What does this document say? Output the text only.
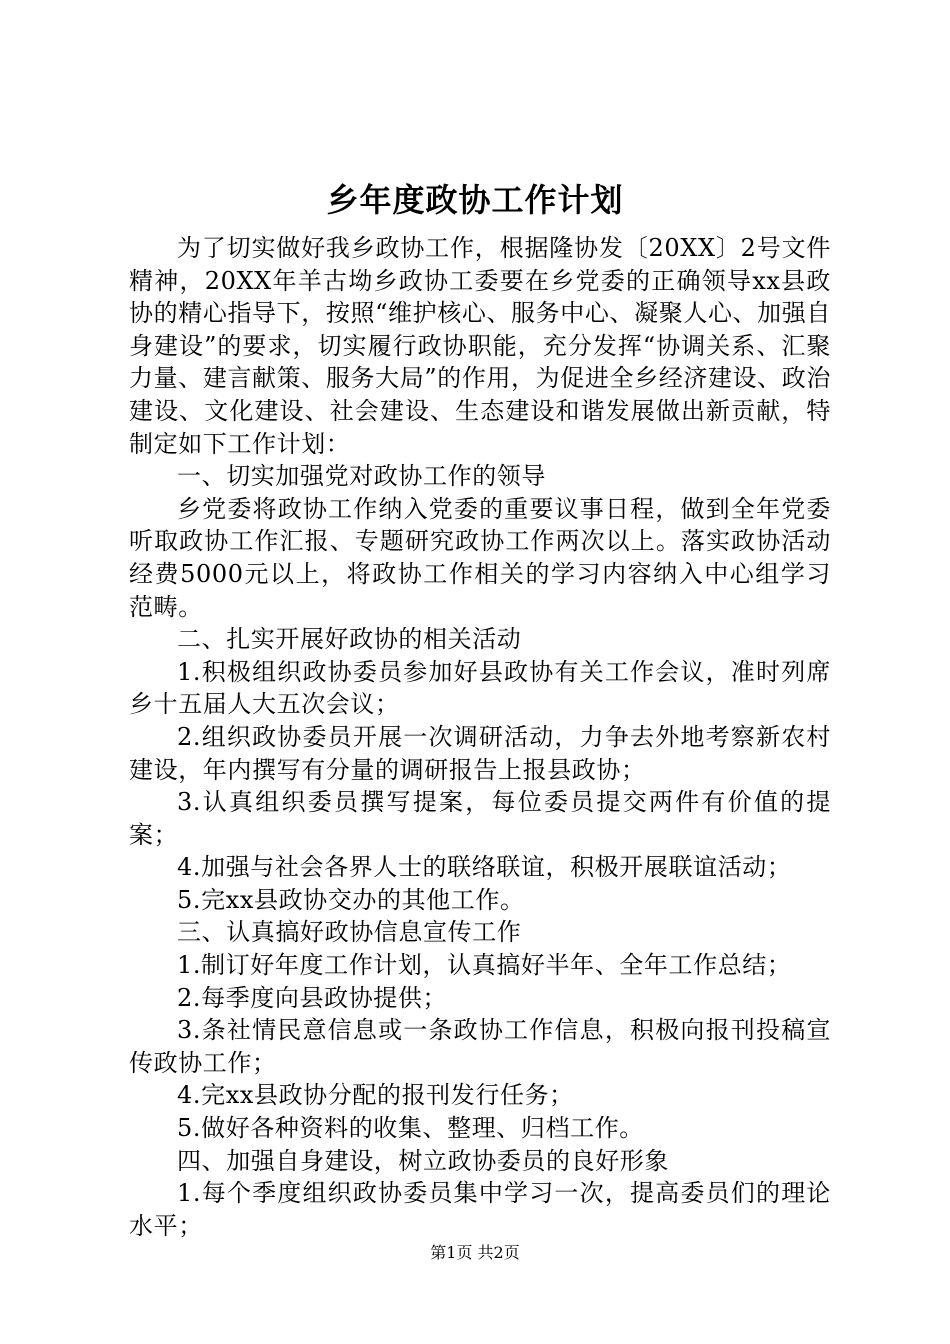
乡年度政协工作计划

为了切实做好我乡政协工作，根据隆协发〔20XX〕2号文件精神，20XX年羊古坳乡政协工委要在乡党委的正确领导xx县政协的精心指导下，按照“维护核心、服务中心、凝聚人心、加强自身建设”的要求，切实履行政协职能，充分发挥“协调关系、汇聚力量、建言献策、服务大局”的作用，为促进全乡经济建设、政治建设、文化建设、社会建设、生态建设和谐发展做出新贡献，特制定如下工作计划：

一、切实加强党对政协工作的领导

乡党委将政协工作纳入党委的重要议事日程，做到全年党委听取政协工作汇报、专题研究政协工作两次以上。落实政协活动经费5000元以上，将政协工作相关的学习内容纳入中心组学习范畴。

二、扎实开展好政协的相关活动

1.积极组织政协委员参加好县政协有关工作会议，准时列席乡十五届人大五次会议；

2.组织政协委员开展一次调研活动，力争去外地考察新农村建设，年内撰写有分量的调研报告上报县政协；

3.认真组织委员撰写提案，每位委员提交两件有价值的提案；

4.加强与社会各界人士的联络联谊，积极开展联谊活动；

5.完xx县政协交办的其他工作。

三、认真搞好政协信息宣传工作

1.制订好年度工作计划，认真搞好半年、全年工作总结；

2.每季度向县政协提供；

3.条社情民意信息或一条政协工作信息，积极向报刊投稿宣传政协工作；

4.完xx县政协分配的报刊发行任务；

5.做好各种资料的收集、整理、归档工作。

四、加强自身建设，树立政协委员的良好形象

1.每个季度组织政协委员集中学习一次，提高委员们的理论水平；

第1页 共2页
